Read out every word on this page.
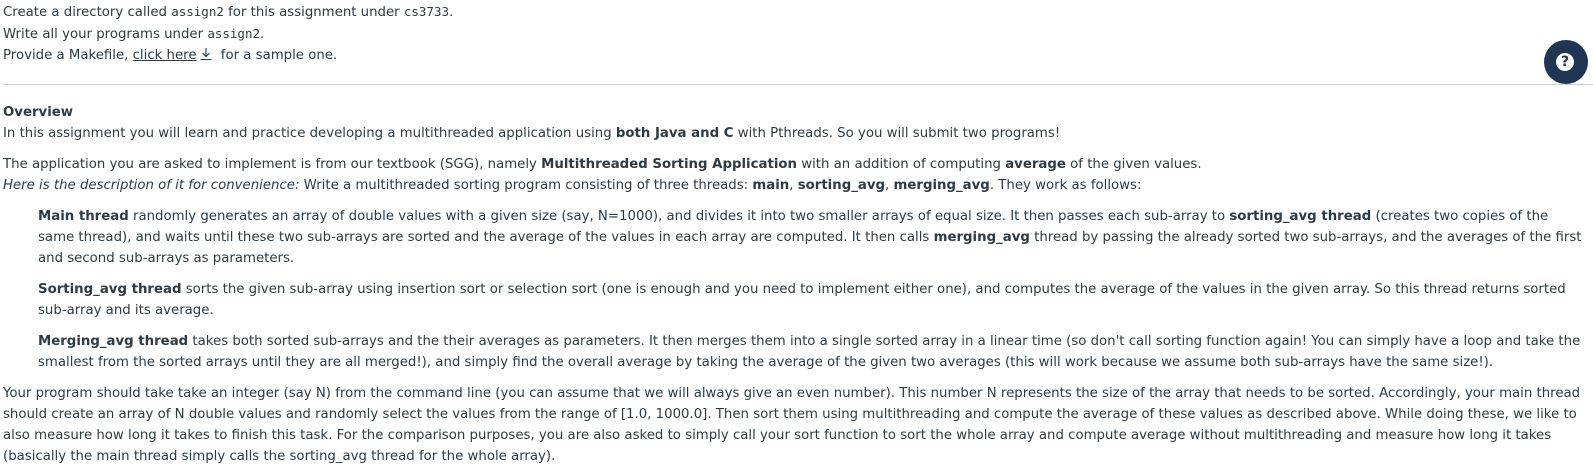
Create a directory called assign2 for this assignment under cs3733.

Write all your programs under assign2.

Provide a Makefile, click here for a sample one.

Overview

In this assignment you will learn and practice developing a multithreaded application using both Java and C with Pthreads. So you will submit two programs!

The application you are asked to implement is from our textbook (SGG), namely Multithreaded Sorting Application with an addition of computing average of the given values.

Here is the description of it for convenience: Write a multithreaded sorting program consisting of three threads: main, sorting_avg, merging_avg. They work as follows:

Main thread randomly generates an array of double values with a given size (say, N=1000), and divides it into two smaller arrays of equal size. It then passes each sub-array to sorting_avg thread (creates two copies of the same thread), and waits until these two sub-arrays are sorted and the average of the values in each array are computed. It then calls merging_avg thread by passing the already sorted two sub-arrays, and the averages of the first and second sub-arrays as parameters.

Sorting_avg thread sorts the given sub-array using insertion sort or selection sort (one is enough and you need to implement either one), and computes the average of the values in the given array. So this thread returns sorted sub-array and its average.

Merging_avg thread takes both sorted sub-arrays and the their averages as parameters. It then merges them into a single sorted array in a linear time (so don't call sorting function again! You can simply have a loop and take the smallest from the sorted arrays until they are all merged!), and simply find the overall average by taking the average of the given two averages (this will work because we assume both sub-arrays have the same size!).

Your program should take take an integer (say N) from the command line (you can assume that we will always give an even number). This number N represents the size of the array that needs to be sorted. Accordingly, your main thread should create an array of N double values and randomly select the values from the range of [1.0, 1000.0]. Then sort them using multithreading and compute the average of these values as described above. While doing these, we like to also measure how long it takes to finish this task. For the comparison purposes, you are also asked to simply call your sort function to sort the whole array and compute average without multithreading and measure how long it takes (basically the main thread simply calls the sorting_avg thread for the whole array).

?
